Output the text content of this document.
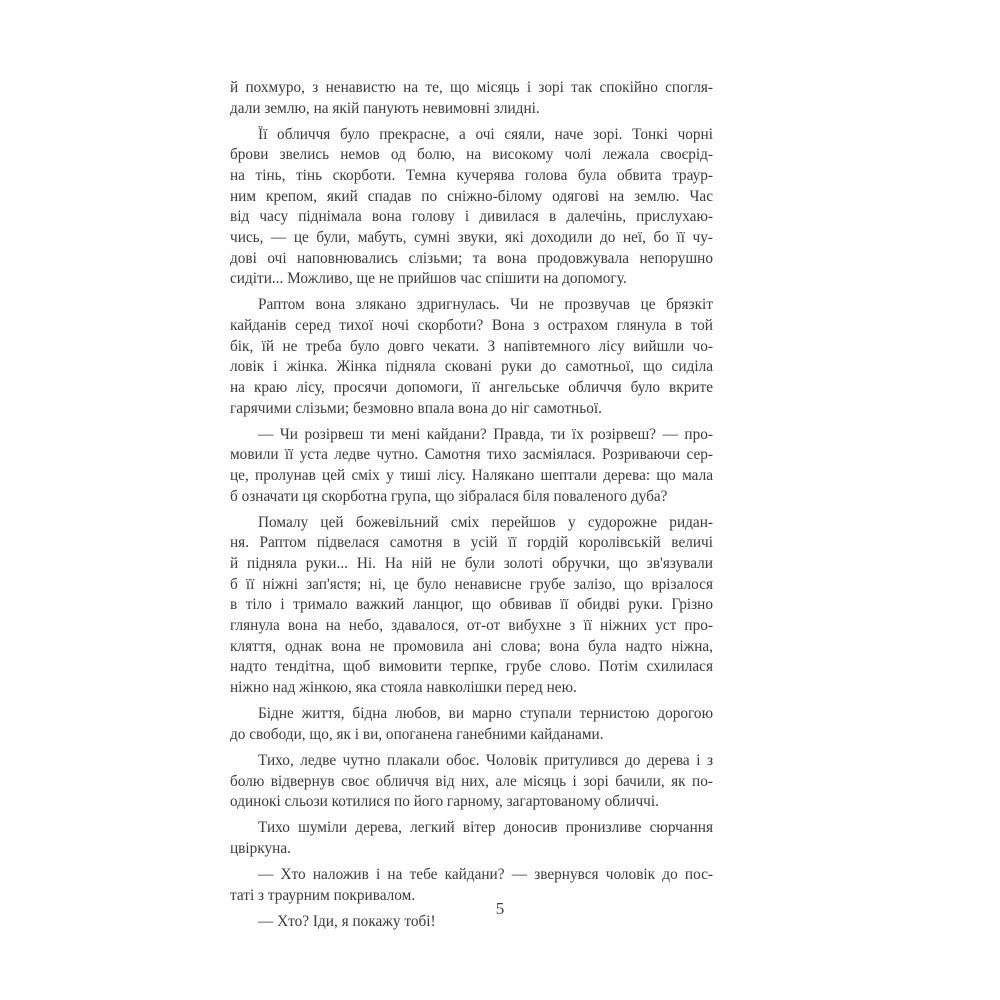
й похмуро, з ненавистю на те, що місяць і зорі так спокійно спогля-
дали землю, на якій панують невимовні злидні.
Її обличчя було прекрасне, а очі сяяли, наче зорі. Тонкі чорні
брови звелись немов од болю, на високому чолі лежала своєрід-
на тінь, тінь скорботи. Темна кучерява голова була обвита траур-
ним крепом, який спадав по сніжно-білому одягові на землю. Час
від часу піднімала вона голову і дивилася в далечінь, прислухаю-
чись, — це були, мабуть, сумні звуки, які доходили до неї, бо її чу-
дові очі наповнювались слізьми; та вона продовжувала непорушно
сидіти... Можливо, ще не прийшов час спішити на допомогу.
Раптом вона злякано здригнулась. Чи не прозвучав це брязкіт
кайданів серед тихої ночі скорботи? Вона з острахом глянула в той
бік, їй не треба було довго чекати. З напівтемного лісу вийшли чо-
ловік і жінка. Жінка підняла сковані руки до самотньої, що сиділа
на краю лісу, просячи допомоги, її ангельське обличчя було вкрите
гарячими слізьми; безмовно впала вона до ніг самотньої.
— Чи розірвеш ти мені кайдани? Правда, ти їх розірвеш? — про-
мовили її уста ледве чутно. Самотня тихо засміялася. Розриваючи сер-
це, пролунав цей сміх у тиші лісу. Налякано шептали дерева: що мала
б означати ця скорботна група, що зібралася біля поваленого дуба?
Помалу цей божевільний сміх перейшов у судорожне ридан-
ня. Раптом підвелася самотня в усій її гордій королівській величі
й підняла руки... Ні. На ній не були золоті обручки, що зв'язували
б її ніжні зап'ястя; ні, це було ненависне грубе залізо, що врізалося
в тіло і тримало важкий ланцюг, що обвивав її обидві руки. Грізно
глянула вона на небо, здавалося, от-от вибухне з її ніжних уст про-
кляття, однак вона не промовила ані слова; вона була надто ніжна,
надто тендітна, щоб вимовити терпке, грубе слово. Потім схилилася
ніжно над жінкою, яка стояла навколішки перед нею.
Бідне життя, бідна любов, ви марно ступали тернистою дорогою
до свободи, що, як і ви, опоганена ганебними кайданами.
Тихо, ледве чутно плакали обоє. Чоловік притулився до дерева і з
болю відвернув своє обличчя від них, але місяць і зорі бачили, як по-
одинокі сльози котилися по його гарному, загартованому обличчі.
Тихо шуміли дерева, легкий вітер доносив пронизливе сюрчання
цвіркуна.
— Хто наложив і на тебе кайдани? — звернувся чоловік до пос-
таті з траурним покривалом.
— Хто? Іди, я покажу тобі!
5
